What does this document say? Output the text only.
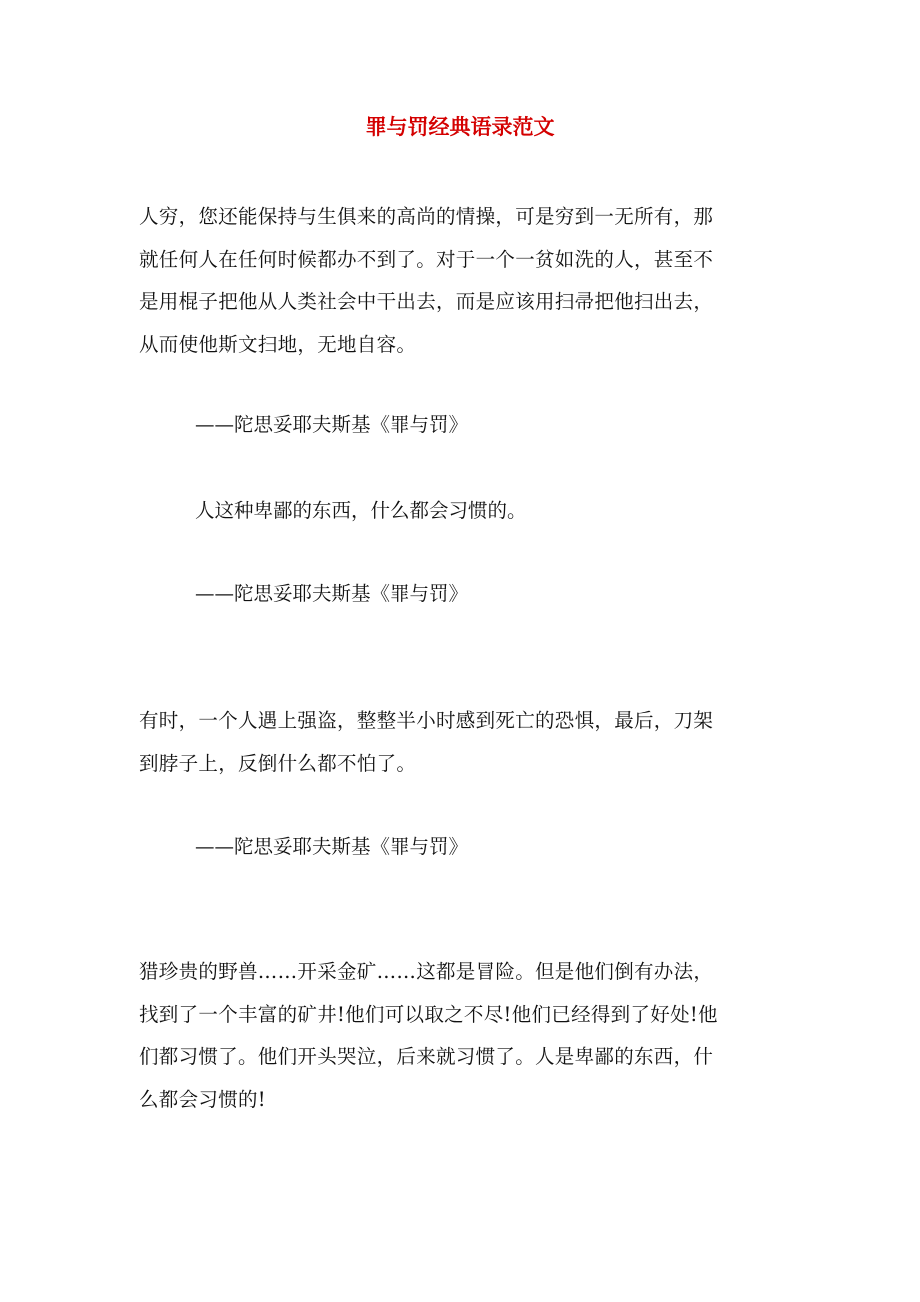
罪与罚经典语录范文

人穷，您还能保持与生俱来的高尚的情操，可是穷到一无所有，那
就任何人在任何时候都办不到了。对于一个一贫如洗的人，甚至不
是用棍子把他从人类社会中干出去，而是应该用扫帚把他扫出去，
从而使他斯文扫地，无地自容。

——陀思妥耶夫斯基《罪与罚》

人这种卑鄙的东西，什么都会习惯的。

——陀思妥耶夫斯基《罪与罚》

有时，一个人遇上强盗，整整半小时感到死亡的恐惧，最后，刀架
到脖子上，反倒什么都不怕了。

——陀思妥耶夫斯基《罪与罚》

猎珍贵的野兽……开采金矿……这都是冒险。但是他们倒有办法，
找到了一个丰富的矿井!他们可以取之不尽!他们已经得到了好处!他
们都习惯了。他们开头哭泣，后来就习惯了。人是卑鄙的东西，什
么都会习惯的!
